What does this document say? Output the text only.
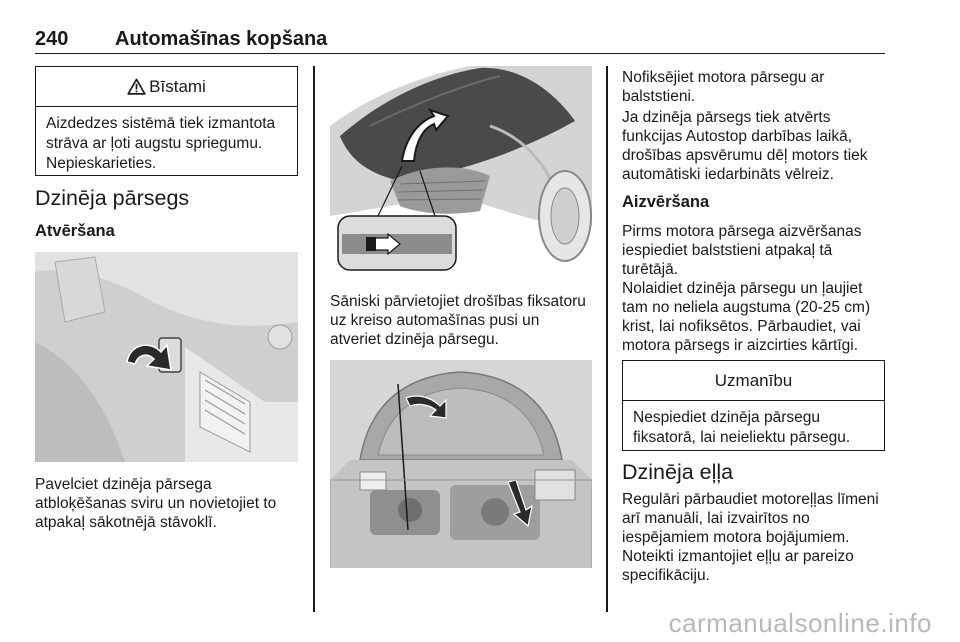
240 Automašīnas kopšana
Bīstami
Aizdedzes sistēmā tiek izmantota strāva ar ļoti augstu spriegumu. Nepieskarieties.
Dzinēja pārsegs
Atvēršana
Pavelciet dzinēja pārsega atbloķēšanas sviru un novietojiet to atpakaļ sākotnējā stāvoklī.
Sāniski pārvietojiet drošības fiksatoru uz kreiso automašīnas pusi un atveriet dzinēja pārsegu.
Nofiksējiet motora pārsegu ar balststieni.
Ja dzinēja pārsegs tiek atvērts funkcijas Autostop darbības laikā, drošības apsvērumu dēļ motors tiek automātiski iedarbināts vēlreiz.
Aizvēršana
Pirms motora pārsega aizvēršanas iespiediet balststieni atpakaļ tā turētājā.
Nolaidiet dzinēja pārsegu un ļaujiet tam no neliela augstuma (20-25 cm) krist, lai nofiksētos. Pārbaudiet, vai motora pārsegs ir aizcirties kārtīgi.
Uzmanību
Nespiediet dzinēja pārsegu fiksatorā, lai neieliektu pārsegu.
Dzinēja eļļa
Regulāri pārbaudiet motoreļļas līmeni arī manuāli, lai izvairītos no iespējamiem motora bojājumiem. Noteikti izmantojiet eļļu ar pareizo specifikāciju.
carmanualsonline.info
